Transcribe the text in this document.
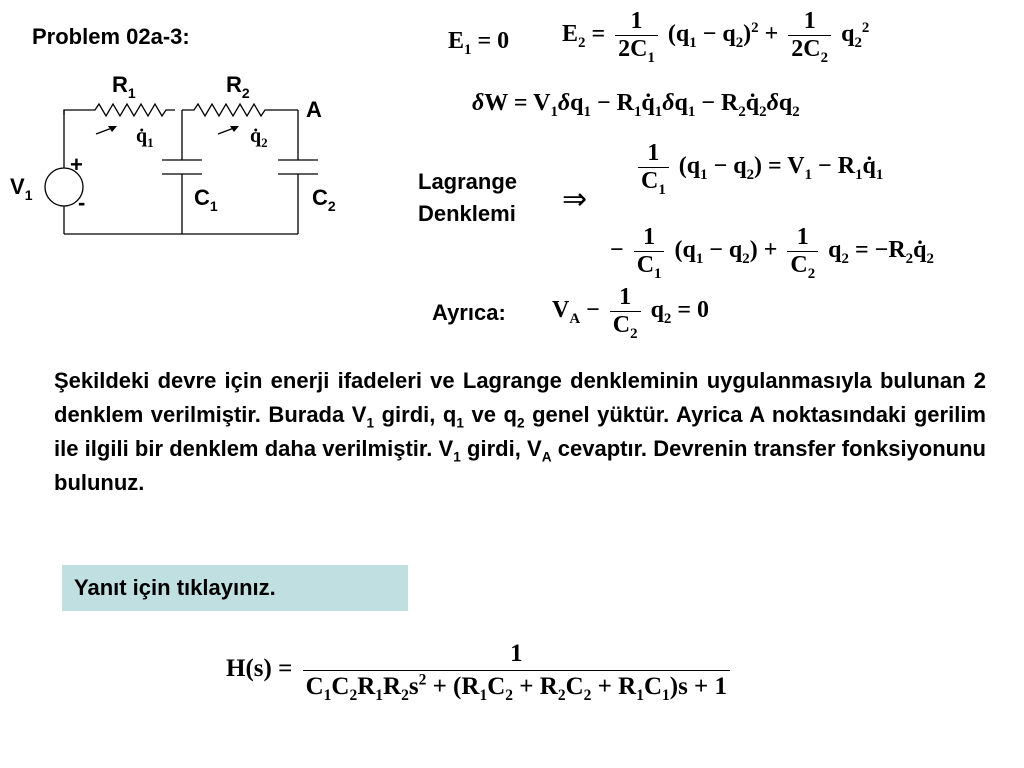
Problem 02a-3:
$R_1$	$R_2$
A
+
-
$V_1$	$C_1$	$C_2$
$q̇_1$	$q̇_2$
$E_1 = 0$ $E_2 = \frac{1}{2C_1} (q_1 - q_2)^2 + \frac{1}{2C_2} q_2^2$
$\delta W = V_1\delta q_1$ − $R_1q̇_1\delta q_1$ − $R_2q̇_2\delta q_2$
Lagrange
Denklemi ⇒
$\frac{1}{C_1} (q_1 - q_2) = V_1$ − $R_1q̇_1$
− $\frac{1}{C_1} (q_1 - q_2) + \frac{1}{C_2} q_2$ = $-R_2q̇_2$
Ayrıca: $V_A - \frac{1}{C_2} q_2 = 0$
Şekildeki devre için enerji ifadeleri ve Lagrange denkleminin uygulanmasıyla bulunan 2 denklem verilmiştir. Burada $V_1$ girdi, $q_1$ ve $q_2$ genel yüktür. Ayrica A noktasındaki gerilim ile ilgili bir denklem daha verilmiştir. $V_1$ girdi, $V_A$ cevaptır. Devrenin transfer fonksiyonunu bulunuz.
Yanıt için tıklayınız.
$H(s) = \frac{1}{C_1C_2R_1R_2s^2 + (R_1C_2 + R_2C_2 + R_1C_1)s + 1}$
